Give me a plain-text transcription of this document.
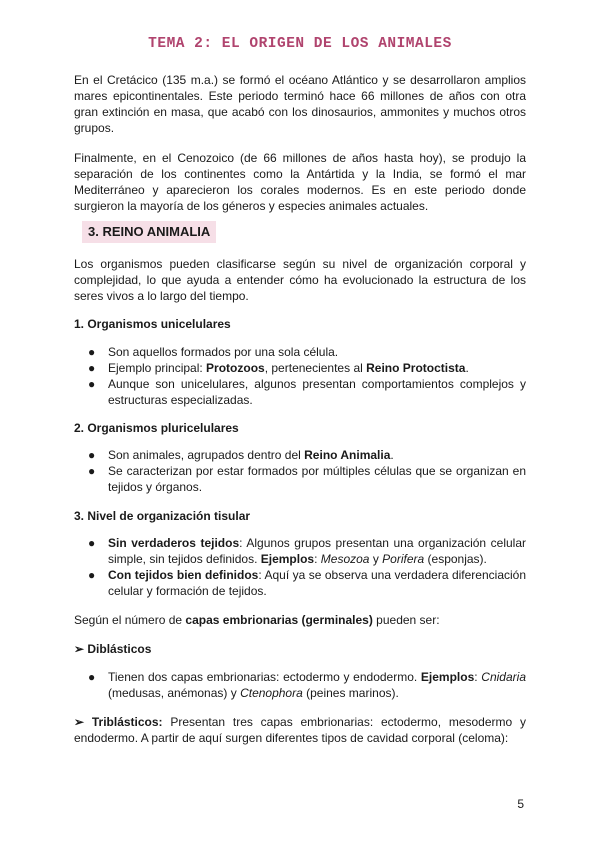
TEMA 2: EL ORIGEN DE LOS ANIMALES

En el Cretácico (135 m.a.) se formó el océano Atlántico y se desarrollaron amplios mares epicontinentales. Este periodo terminó hace 66 millones de años con otra gran extinción en masa, que acabó con los dinosaurios, ammonites y muchos otros grupos.

Finalmente, en el Cenozoico (de 66 millones de años hasta hoy), se produjo la separación de los continentes como la Antártida y la India, se formó el mar Mediterráneo y aparecieron los corales modernos. Es en este periodo donde surgieron la mayoría de los géneros y especies animales actuales.

3. REINO ANIMALIA

Los organismos pueden clasificarse según su nivel de organización corporal y complejidad, lo que ayuda a entender cómo ha evolucionado la estructura de los seres vivos a lo largo del tiempo.

1. Organismos unicelulares

● Son aquellos formados por una sola célula.
● Ejemplo principal: Protozoos, pertenecientes al Reino Protoctista.
● Aunque son unicelulares, algunos presentan comportamientos complejos y estructuras especializadas.

2. Organismos pluricelulares

● Son animales, agrupados dentro del Reino Animalia.
● Se caracterizan por estar formados por múltiples células que se organizan en tejidos y órganos.

3. Nivel de organización tisular

● Sin verdaderos tejidos: Algunos grupos presentan una organización celular simple, sin tejidos definidos. Ejemplos: Mesozoa y Porifera (esponjas).
● Con tejidos bien definidos: Aquí ya se observa una verdadera diferenciación celular y formación de tejidos.

Según el número de capas embrionarias (germinales) pueden ser:

➢ Diblásticos

● Tienen dos capas embrionarias: ectodermo y endodermo. Ejemplos: Cnidaria (medusas, anémonas) y Ctenophora (peines marinos).

➢ Triblásticos: Presentan tres capas embrionarias: ectodermo, mesodermo y endodermo. A partir de aquí surgen diferentes tipos de cavidad corporal (celoma):

5
